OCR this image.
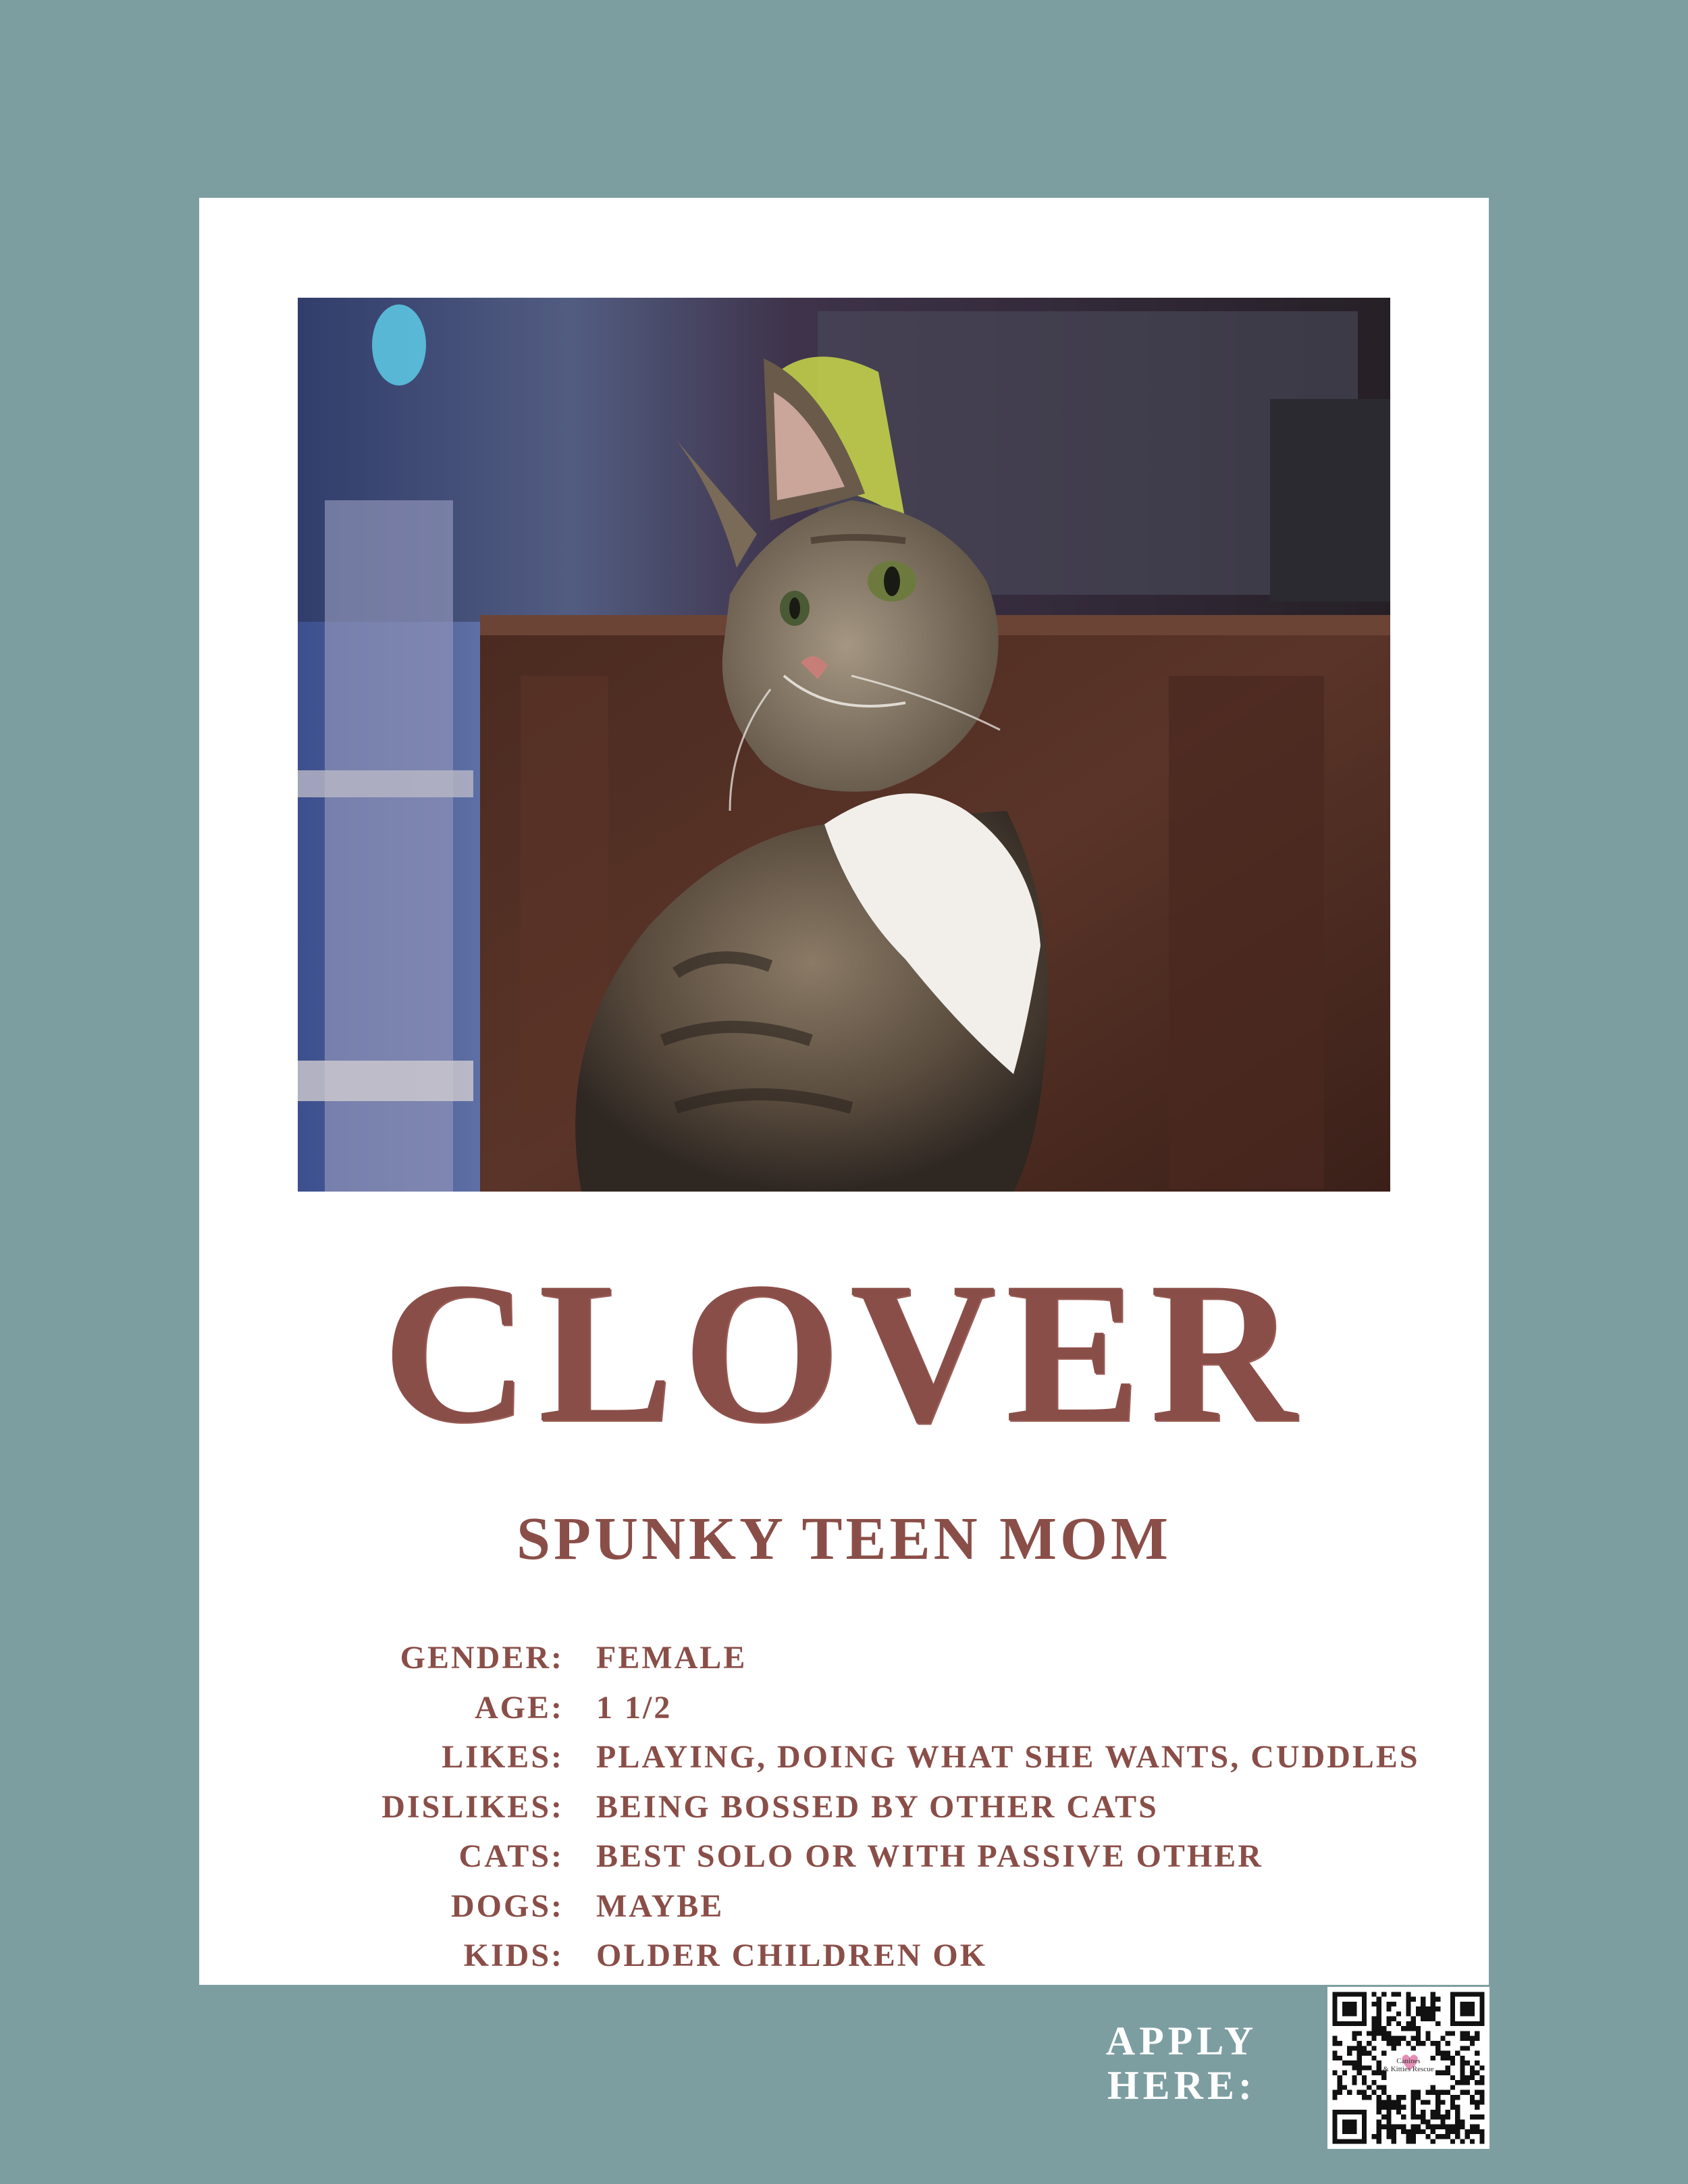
CLOVER
SPUNKY TEEN MOM
GENDER:	FEMALE
AGE:	1 1/2
LIKES:	PLAYING, DOING WHAT SHE WANTS, CUDDLES
DISLIKES:	BEING BOSSED BY OTHER CATS
CATS:	BEST SOLO OR WITH PASSIVE OTHER
DOGS:	MAYBE
KIDS:	OLDER CHILDREN OK
APPLY
HERE:
Canines
& Kitties Rescue
